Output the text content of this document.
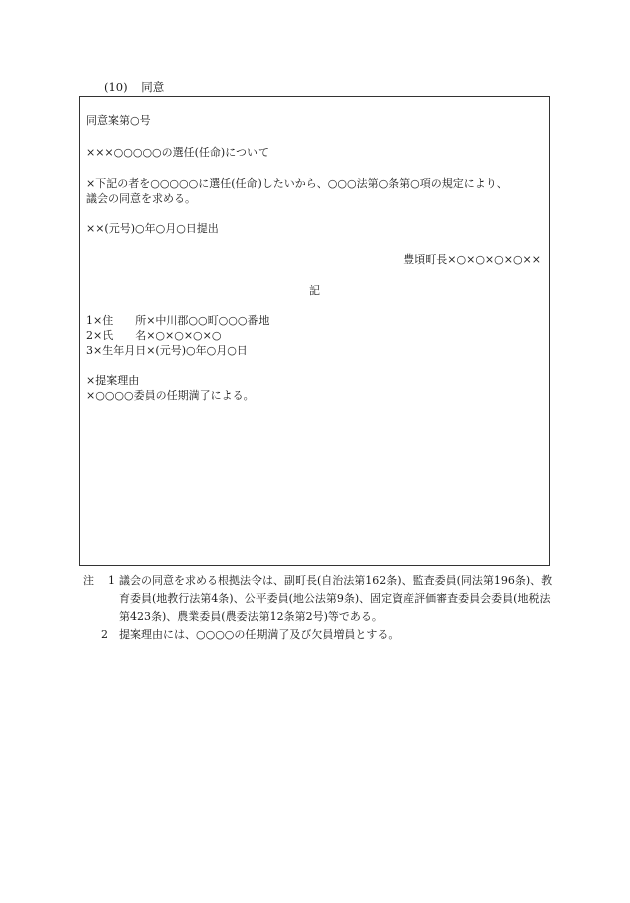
(10) 同意
同意案第○号
×××○○○○○の選任(任命)について
×下記の者を○○○○○に選任(任命)したいから、○○○法第○条第○項の規定により、
議会の同意を求める。
××(元号)○年○月○日提出
豊頃町長×○×○×○×○××
記
1×住　　所×中川郡○○町○○○番地
2×氏　　名×○×○×○×○
3×生年月日×(元号)○年○月○日
×提案理由
×○○○○委員の任期満了による。
注 1 議会の同意を求める根拠法令は、副町長(自治法第162条)、監査委員(同法第196条)、教育委員(地教行法第4条)、公平委員(地公法第9条)、固定資産評価審査委員会委員(地税法第423条)、農業委員(農委法第12条第2号)等である。
2	提案理由には、○○○○の任期満了及び欠員増員とする。
